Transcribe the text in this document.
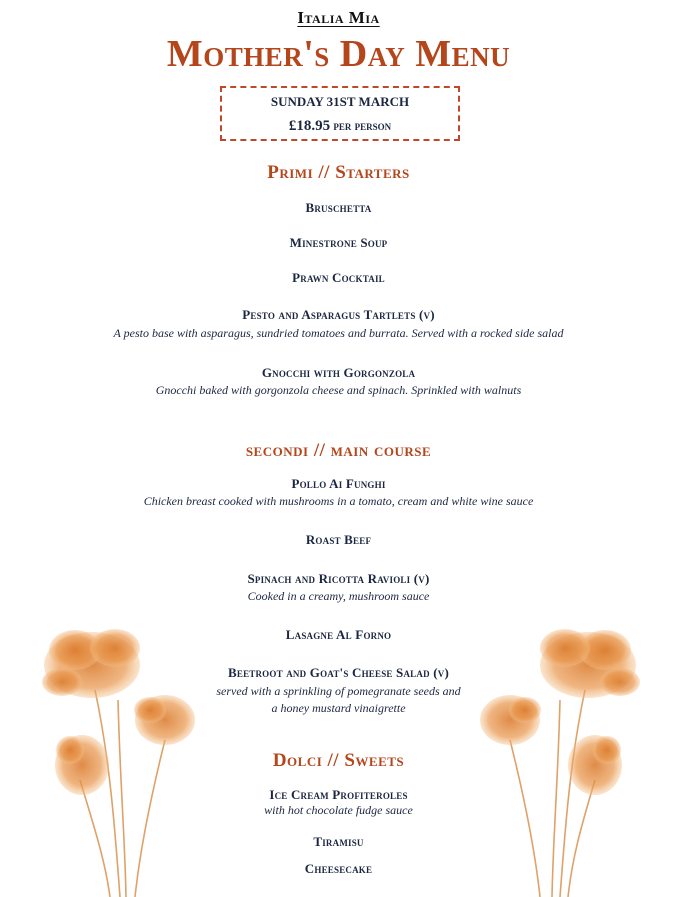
Italia Mia
Mother's Day Menu
SUNDAY 31ST MARCH
£18.95 per person
Primi // Starters
Bruschetta
Minestrone Soup
Prawn Cocktail
Pesto and Asparagus Tartlets (v)
A pesto base with asparagus, sundried tomatoes and burrata. Served with a rocked side salad
Gnocchi with Gorgonzola
Gnocchi baked with gorgonzola cheese and spinach. Sprinkled with walnuts
secondi // main course
Pollo Ai Funghi
Chicken breast cooked with mushrooms in a tomato, cream and white wine sauce
Roast Beef
Spinach and Ricotta Ravioli (v)
Cooked in a creamy, mushroom sauce
Lasagne Al Forno
Beetroot and Goat's Cheese Salad (v)
served with a sprinkling of pomegranate seeds and
a honey mustard vinaigrette
Dolci // Sweets
Ice Cream Profiteroles
with hot chocolate fudge sauce
Tiramisu
Cheesecake
